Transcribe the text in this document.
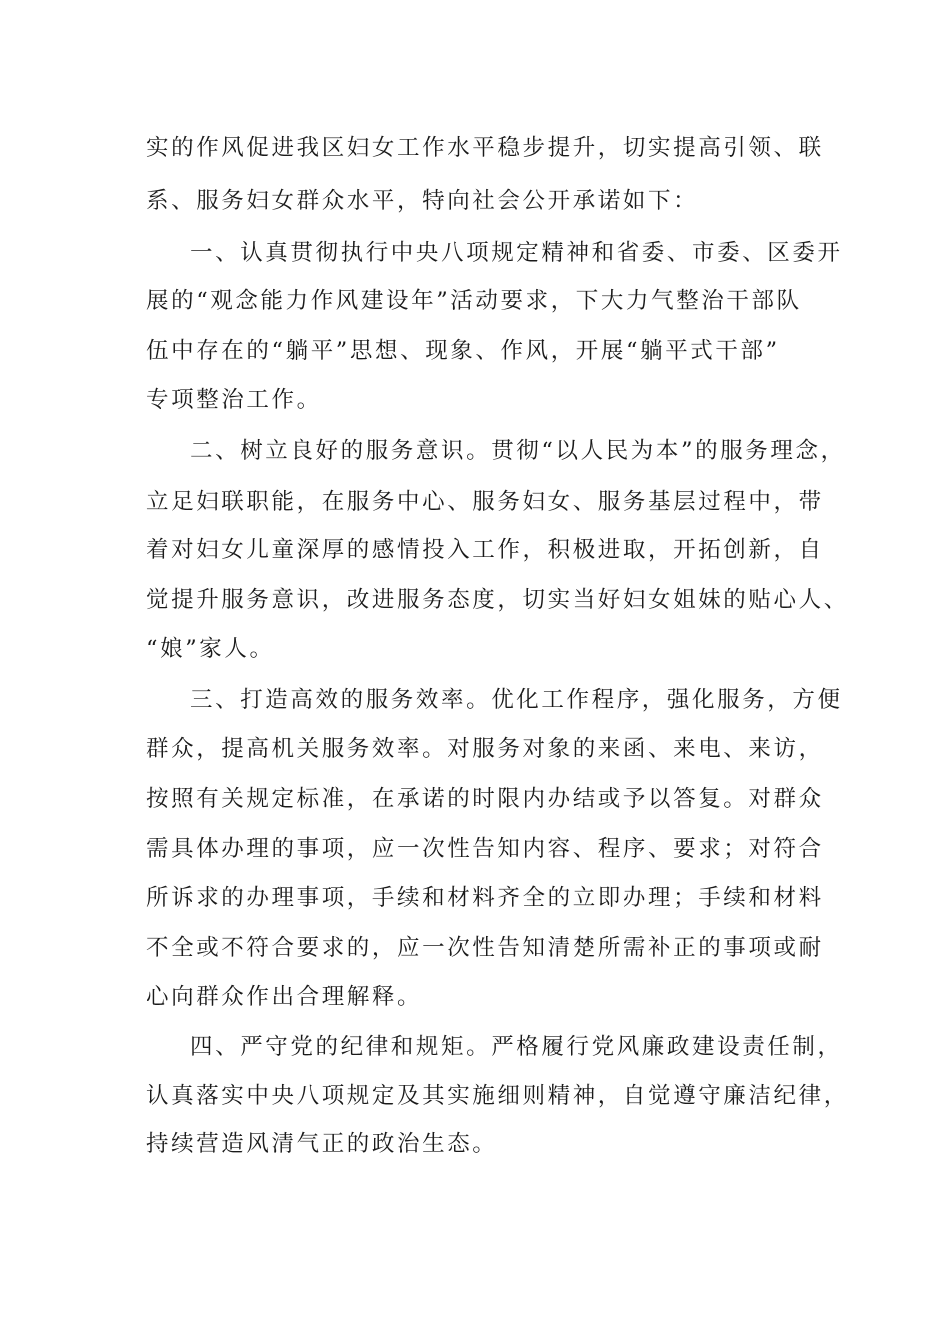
实的作风促进我区妇女工作水平稳步提升，切实提高引领、联
系、服务妇女群众水平，特向社会公开承诺如下：
一、认真贯彻执行中央八项规定精神和省委、市委、区委开
展的“观念能力作风建设年”活动要求，下大力气整治干部队
伍中存在的“躺平”思想、现象、作风，开展“躺平式干部”
专项整治工作。
二、树立良好的服务意识。贯彻“以人民为本”的服务理念，
立足妇联职能，在服务中心、服务妇女、服务基层过程中，带
着对妇女儿童深厚的感情投入工作，积极进取，开拓创新，自
觉提升服务意识，改进服务态度，切实当好妇女姐妹的贴心人、
“娘”家人。
三、打造高效的服务效率。优化工作程序，强化服务，方便
群众，提高机关服务效率。对服务对象的来函、来电、来访，
按照有关规定标准，在承诺的时限内办结或予以答复。对群众
需具体办理的事项，应一次性告知内容、程序、要求；对符合
所诉求的办理事项，手续和材料齐全的立即办理；手续和材料
不全或不符合要求的，应一次性告知清楚所需补正的事项或耐
心向群众作出合理解释。
四、严守党的纪律和规矩。严格履行党风廉政建设责任制，
认真落实中央八项规定及其实施细则精神，自觉遵守廉洁纪律，
持续营造风清气正的政治生态。
